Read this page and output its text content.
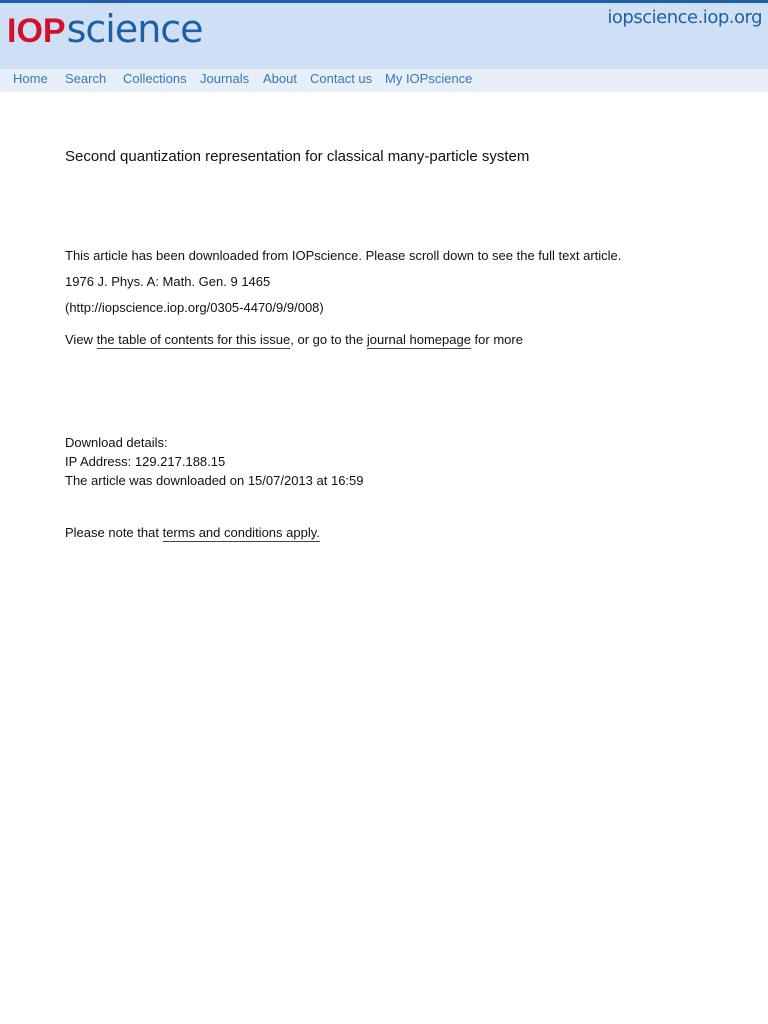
IOP science	iopscience.iop.org
Home Search Collections Journals About Contact us My IOPscience
Second quantization representation for classical many-particle system
This article has been downloaded from IOPscience. Please scroll down to see the full text article.
1976 J. Phys. A: Math. Gen. 9 1465
(http://iopscience.iop.org/0305-4470/9/9/008)
View the table of contents for this issue, or go to the journal homepage for more
Download details:
IP Address: 129.217.188.15
The article was downloaded on 15/07/2013 at 16:59
Please note that terms and conditions apply.
